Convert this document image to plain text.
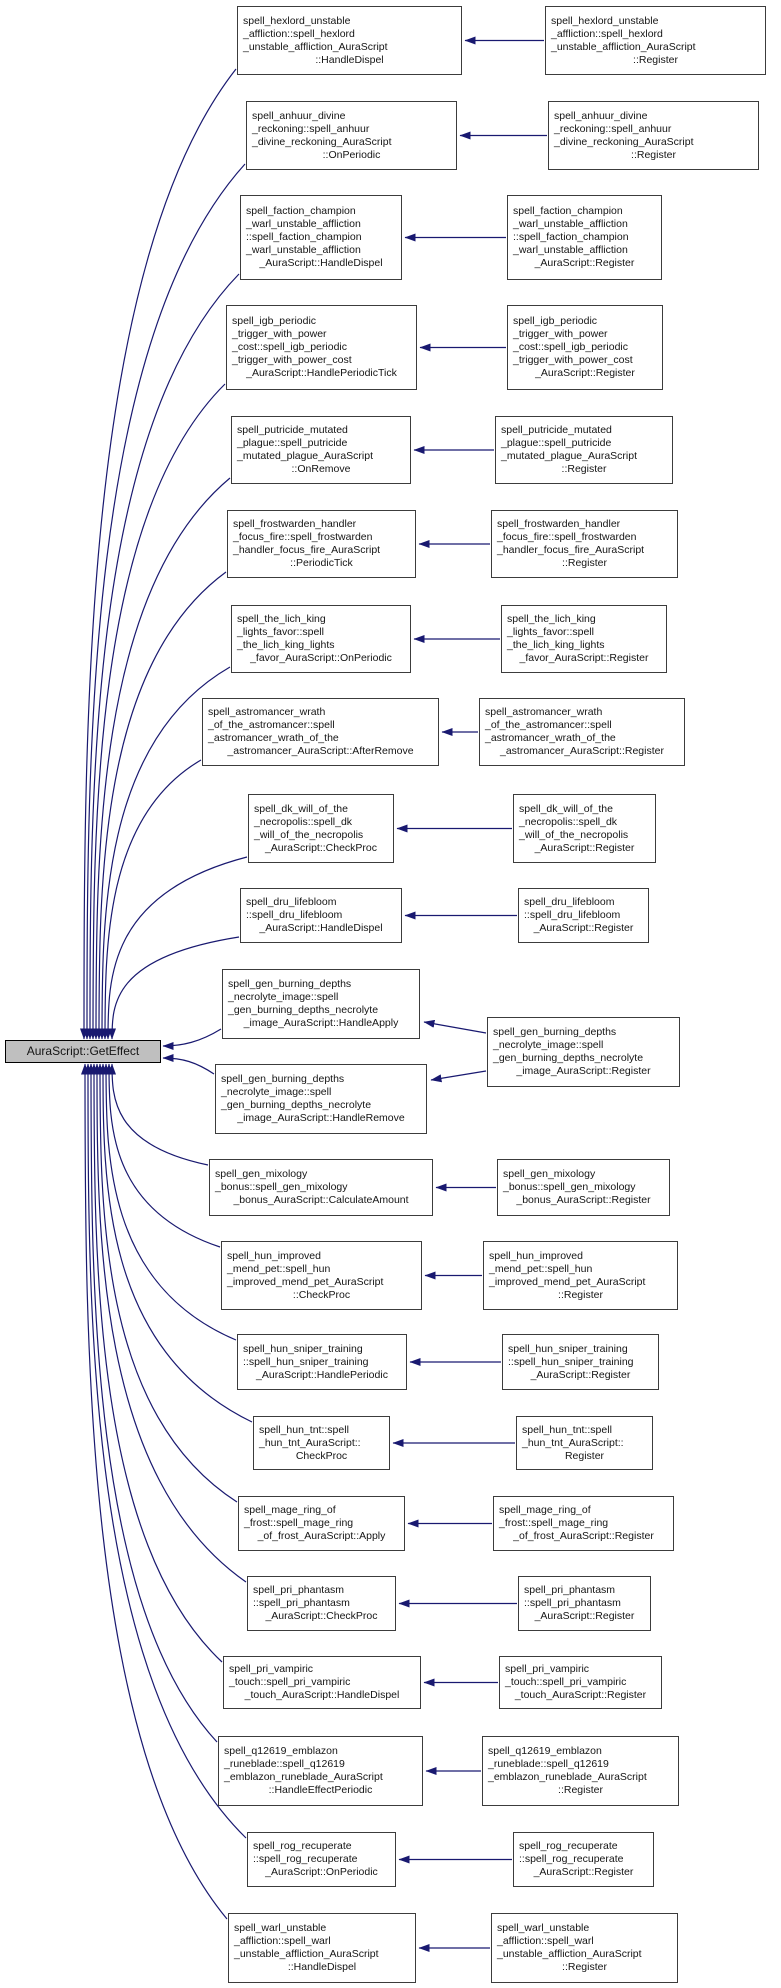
AuraScript::GetEffect
spell_hexlord_unstable
_affliction::spell_hexlord
_unstable_affliction_AuraScript
::HandleDispel
spell_anhuur_divine
_reckoning::spell_anhuur
_divine_reckoning_AuraScript
::OnPeriodic
spell_faction_champion
_warl_unstable_affliction
::spell_faction_champion
_warl_unstable_affliction
_AuraScript::HandleDispel
spell_igb_periodic
_trigger_with_power
_cost::spell_igb_periodic
_trigger_with_power_cost
_AuraScript::HandlePeriodicTick
spell_putricide_mutated
_plague::spell_putricide
_mutated_plague_AuraScript
::OnRemove
spell_frostwarden_handler
_focus_fire::spell_frostwarden
_handler_focus_fire_AuraScript
::PeriodicTick
spell_the_lich_king
_lights_favor::spell
_the_lich_king_lights
_favor_AuraScript::OnPeriodic
spell_astromancer_wrath
_of_the_astromancer::spell
_astromancer_wrath_of_the
_astromancer_AuraScript::AfterRemove
spell_dk_will_of_the
_necropolis::spell_dk
_will_of_the_necropolis
_AuraScript::CheckProc
spell_dru_lifebloom
::spell_dru_lifebloom
_AuraScript::HandleDispel
spell_gen_burning_depths
_necrolyte_image::spell
_gen_burning_depths_necrolyte
_image_AuraScript::HandleApply
spell_gen_burning_depths
_necrolyte_image::spell
_gen_burning_depths_necrolyte
_image_AuraScript::HandleRemove
spell_gen_mixology
_bonus::spell_gen_mixology
_bonus_AuraScript::CalculateAmount
spell_hun_improved
_mend_pet::spell_hun
_improved_mend_pet_AuraScript
::CheckProc
spell_hun_sniper_training
::spell_hun_sniper_training
_AuraScript::HandlePeriodic
spell_hun_tnt::spell
_hun_tnt_AuraScript::
CheckProc
spell_mage_ring_of
_frost::spell_mage_ring
_of_frost_AuraScript::Apply
spell_pri_phantasm
::spell_pri_phantasm
_AuraScript::CheckProc
spell_pri_vampiric
_touch::spell_pri_vampiric
_touch_AuraScript::HandleDispel
spell_q12619_emblazon
_runeblade::spell_q12619
_emblazon_runeblade_AuraScript
::HandleEffectPeriodic
spell_rog_recuperate
::spell_rog_recuperate
_AuraScript::OnPeriodic
spell_warl_unstable
_affliction::spell_warl
_unstable_affliction_AuraScript
::HandleDispel
spell_hexlord_unstable
_affliction::spell_hexlord
_unstable_affliction_AuraScript
::Register
spell_anhuur_divine
_reckoning::spell_anhuur
_divine_reckoning_AuraScript
::Register
spell_faction_champion
_warl_unstable_affliction
::spell_faction_champion
_warl_unstable_affliction
_AuraScript::Register
spell_igb_periodic
_trigger_with_power
_cost::spell_igb_periodic
_trigger_with_power_cost
_AuraScript::Register
spell_putricide_mutated
_plague::spell_putricide
_mutated_plague_AuraScript
::Register
spell_frostwarden_handler
_focus_fire::spell_frostwarden
_handler_focus_fire_AuraScript
::Register
spell_the_lich_king
_lights_favor::spell
_the_lich_king_lights
_favor_AuraScript::Register
spell_astromancer_wrath
_of_the_astromancer::spell
_astromancer_wrath_of_the
_astromancer_AuraScript::Register
spell_dk_will_of_the
_necropolis::spell_dk
_will_of_the_necropolis
_AuraScript::Register
spell_dru_lifebloom
::spell_dru_lifebloom
_AuraScript::Register
spell_gen_burning_depths
_necrolyte_image::spell
_gen_burning_depths_necrolyte
_image_AuraScript::Register
spell_gen_mixology
_bonus::spell_gen_mixology
_bonus_AuraScript::Register
spell_hun_improved
_mend_pet::spell_hun
_improved_mend_pet_AuraScript
::Register
spell_hun_sniper_training
::spell_hun_sniper_training
_AuraScript::Register
spell_hun_tnt::spell
_hun_tnt_AuraScript::
Register
spell_mage_ring_of
_frost::spell_mage_ring
_of_frost_AuraScript::Register
spell_pri_phantasm
::spell_pri_phantasm
_AuraScript::Register
spell_pri_vampiric
_touch::spell_pri_vampiric
_touch_AuraScript::Register
spell_q12619_emblazon
_runeblade::spell_q12619
_emblazon_runeblade_AuraScript
::Register
spell_rog_recuperate
::spell_rog_recuperate
_AuraScript::Register
spell_warl_unstable
_affliction::spell_warl
_unstable_affliction_AuraScript
::Register
